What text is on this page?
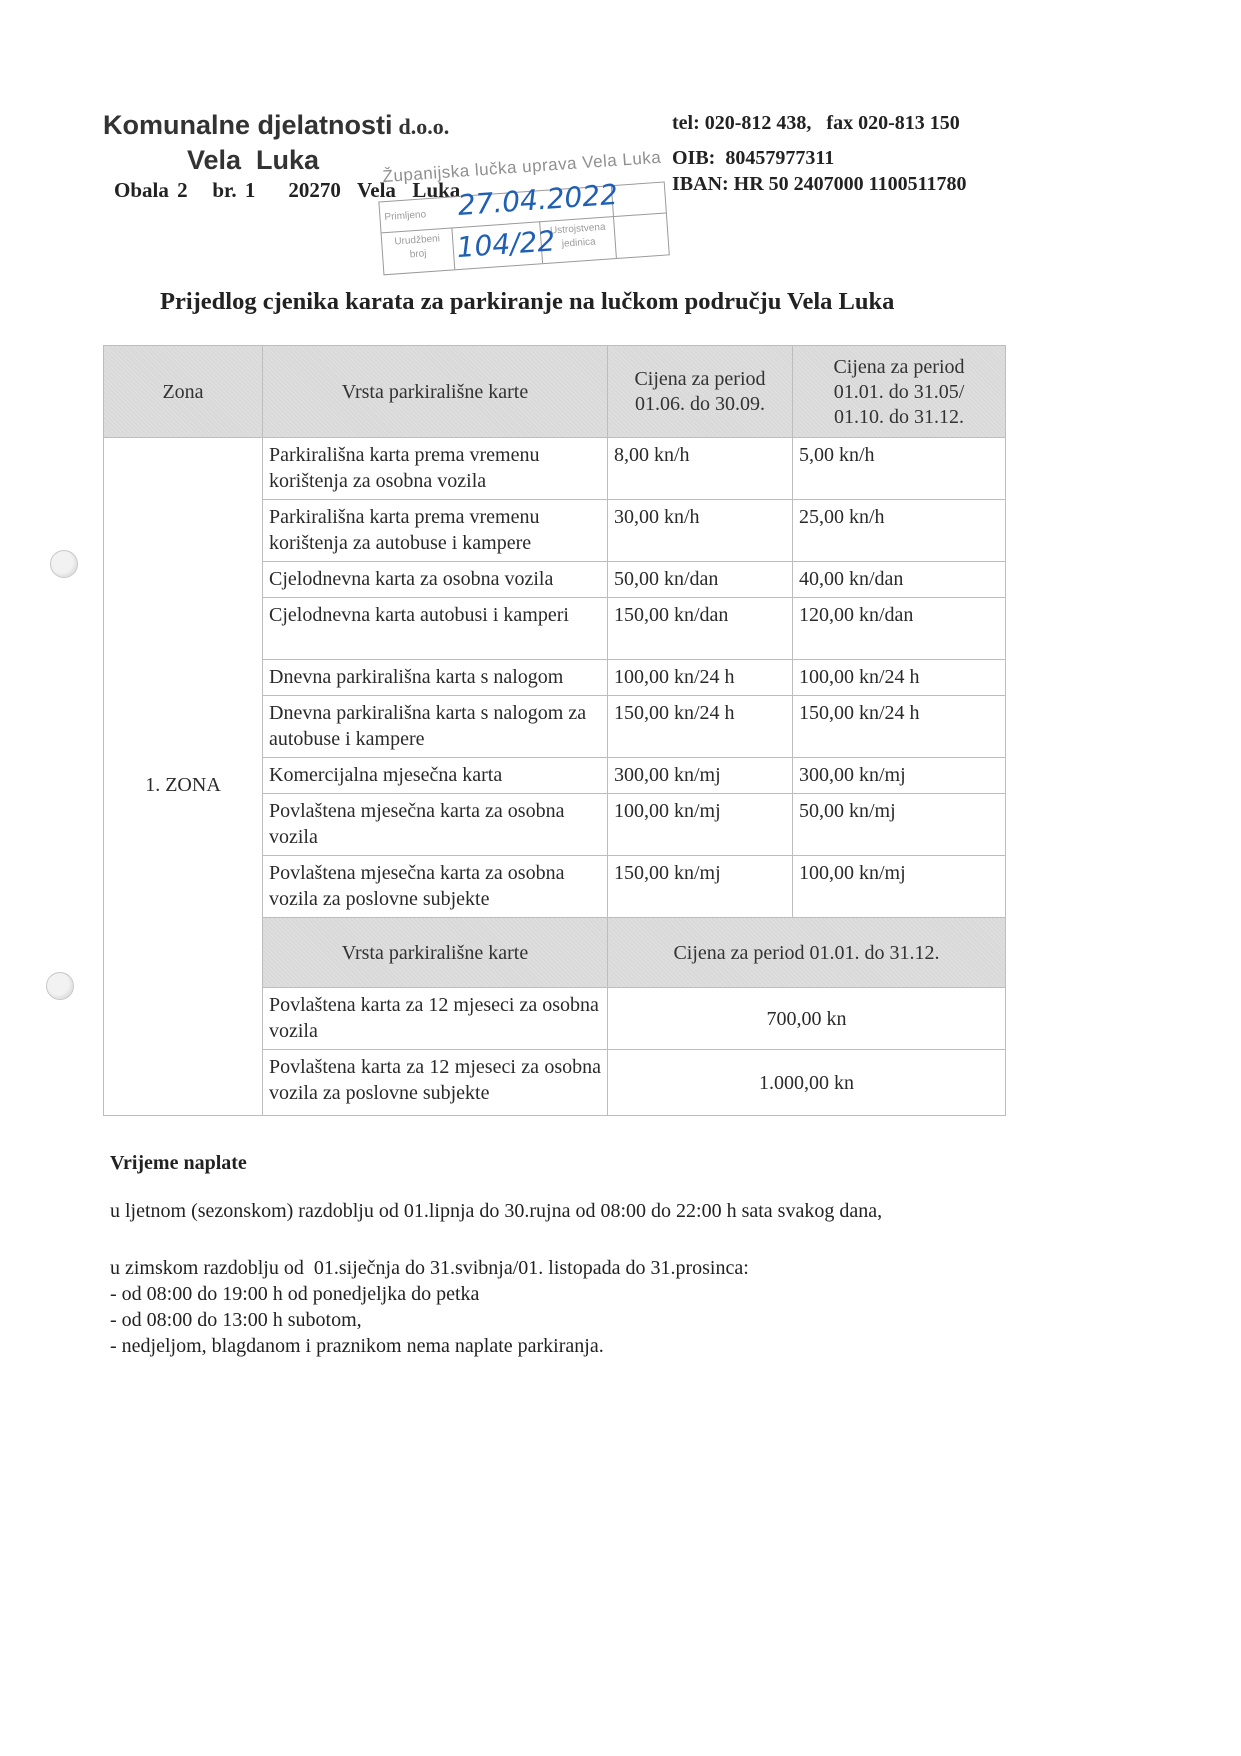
Komunalne djelatnosti d.o.o.
Vela  Luka
Obala 2   br. 1    20270  Vela  Luka
tel: 020-812 438,   fax 020-813 150
OIB:  80457977311
IBAN: HR 50 2407000 1100511780
Županijska lučka uprava Vela Luka
Primljeno
Urudžbeni broj
Ustrojstvena jedinica
27.04.2022
104/22
Prijedlog cjenika karata za parkiranje na lučkom području Vela Luka
Zona	Vrsta parkirališne karte	Cijena za period 01.06. do 30.09.	Cijena za period
01.01. do 31.05/
01.10. do 31.12.
1. ZONA	Parkirališna karta prema vremenu korištenja za osobna vozila	8,00 kn/h	5,00 kn/h
	Parkirališna karta prema vremenu korištenja za autobuse i kampere	30,00 kn/h	25,00 kn/h
	Cjelodnevna karta za osobna vozila	50,00 kn/dan	40,00 kn/dan
	Cjelodnevna karta autobusi i kamperi	150,00 kn/dan	120,00 kn/dan
	Dnevna parkirališna karta s nalogom	100,00 kn/24 h	100,00 kn/24 h
	Dnevna parkirališna karta s nalogom za autobuse i kampere	150,00 kn/24 h	150,00 kn/24 h
	Komercijalna mjesečna karta	300,00 kn/mj	300,00 kn/mj
	Povlaštena mjesečna karta za osobna vozila	100,00 kn/mj	50,00 kn/mj
	Povlaštena mjesečna karta za osobna vozila za poslovne subjekte	150,00 kn/mj	100,00 kn/mj
	Vrsta parkirališne karte	Cijena za period 01.01. do 31.12.	
	Povlaštena karta za 12 mjeseci za osobna vozila	700,00 kn	
	Povlaštena karta za 12 mjeseci za osobna vozila za poslovne subjekte	1.000,00 kn	
Vrijeme naplate
u ljetnom (sezonskom) razdoblju od 01.lipnja do 30.rujna od 08:00 do 22:00 h sata svakog dana,
u zimskom razdoblju od  01.siječnja do 31.svibnja/01. listopada do 31.prosinca:
- od 08:00 do 19:00 h od ponedjeljka do petka
- od 08:00 do 13:00 h subotom,
- nedjeljom, blagdanom i praznikom nema naplate parkiranja.
